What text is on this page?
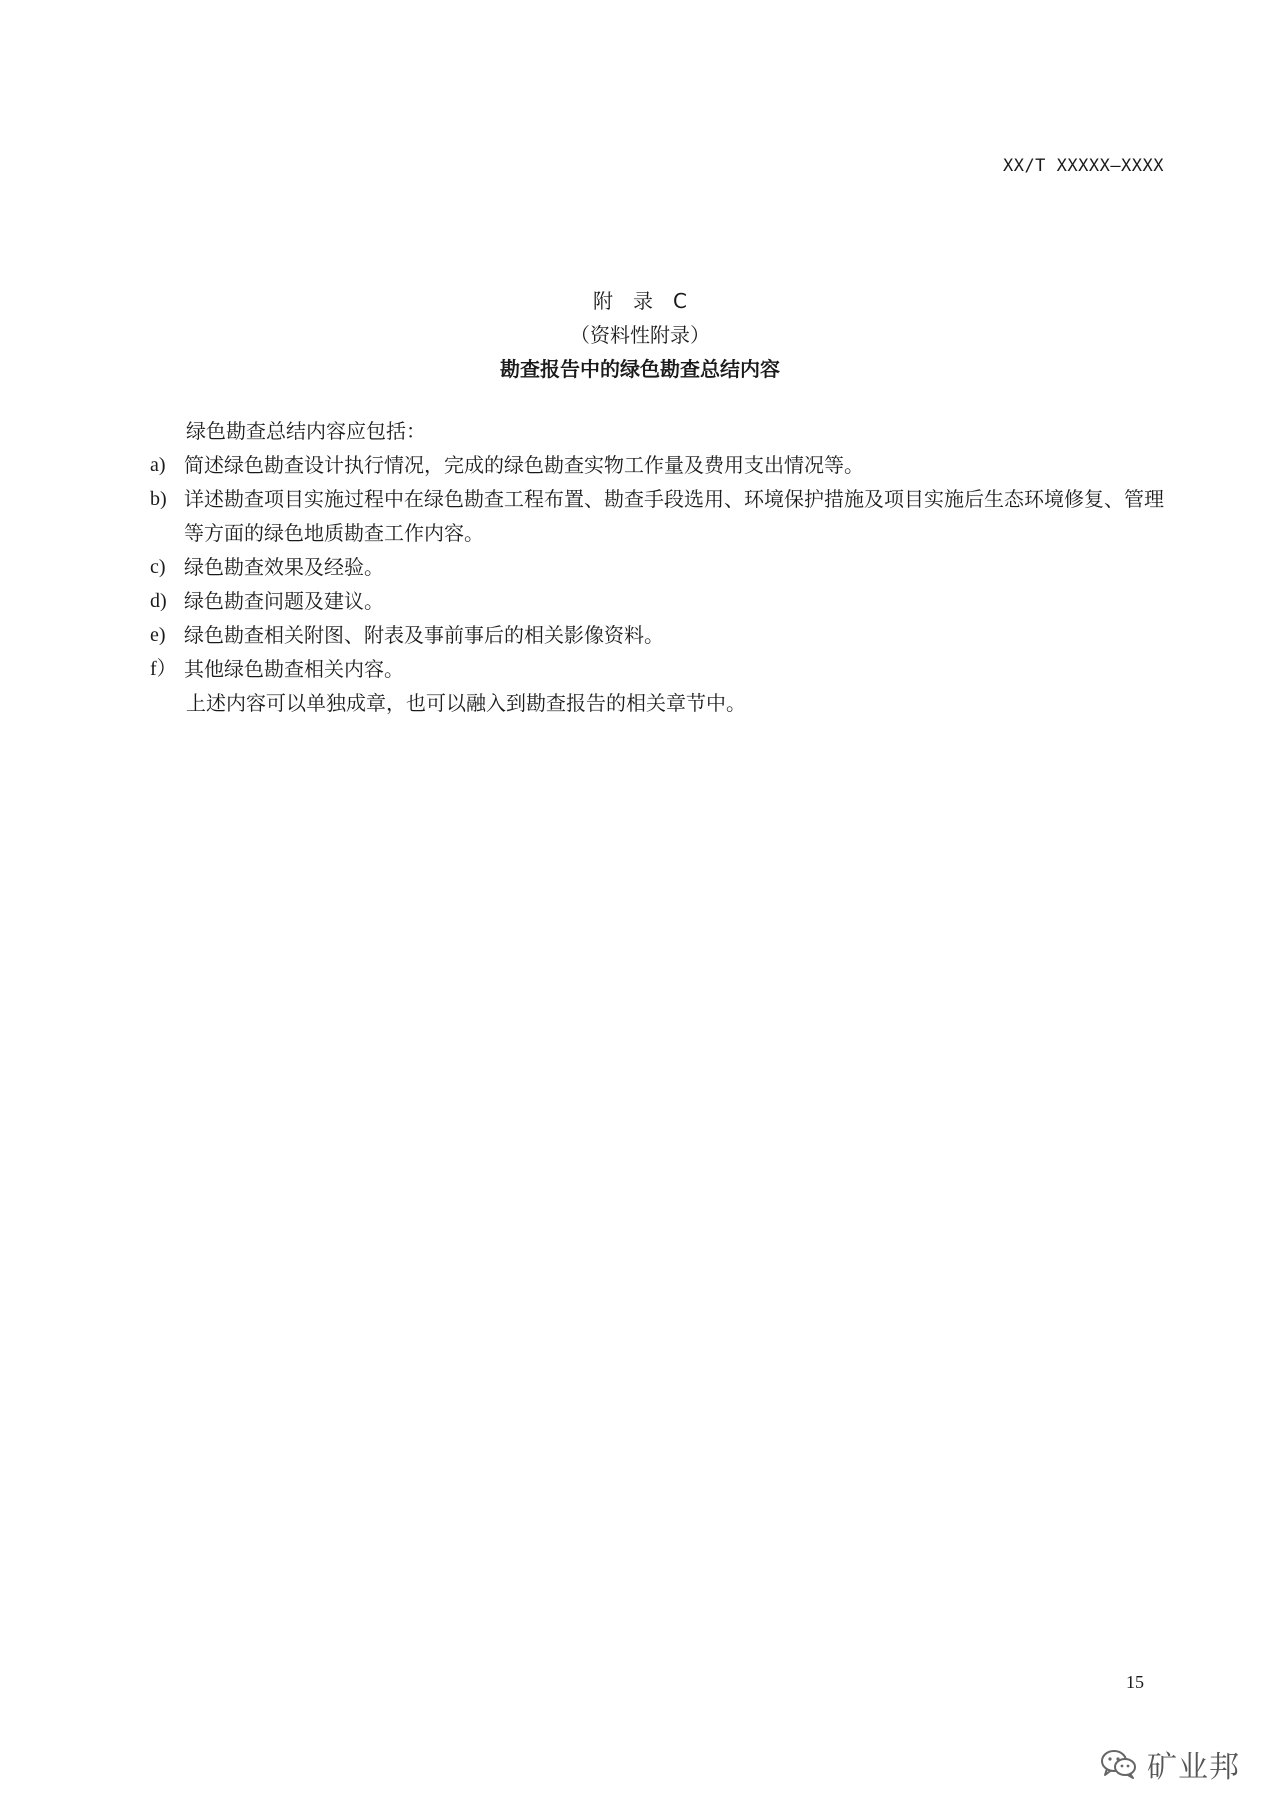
XX/T XXXXX—XXXX
附　录　C
（资料性附录）
勘查报告中的绿色勘查总结内容
绿色勘查总结内容应包括：
a) 简述绿色勘查设计执行情况，完成的绿色勘查实物工作量及费用支出情况等。
b) 详述勘查项目实施过程中在绿色勘查工程布置、勘查手段选用、环境保护措施及项目实施后生态环境修复、管理等方面的绿色地质勘查工作内容。
c) 绿色勘查效果及经验。
d) 绿色勘查问题及建议。
e) 绿色勘查相关附图、附表及事前事后的相关影像资料。
f） 其他绿色勘查相关内容。
上述内容可以单独成章，也可以融入到勘查报告的相关章节中。
15
矿业邦
